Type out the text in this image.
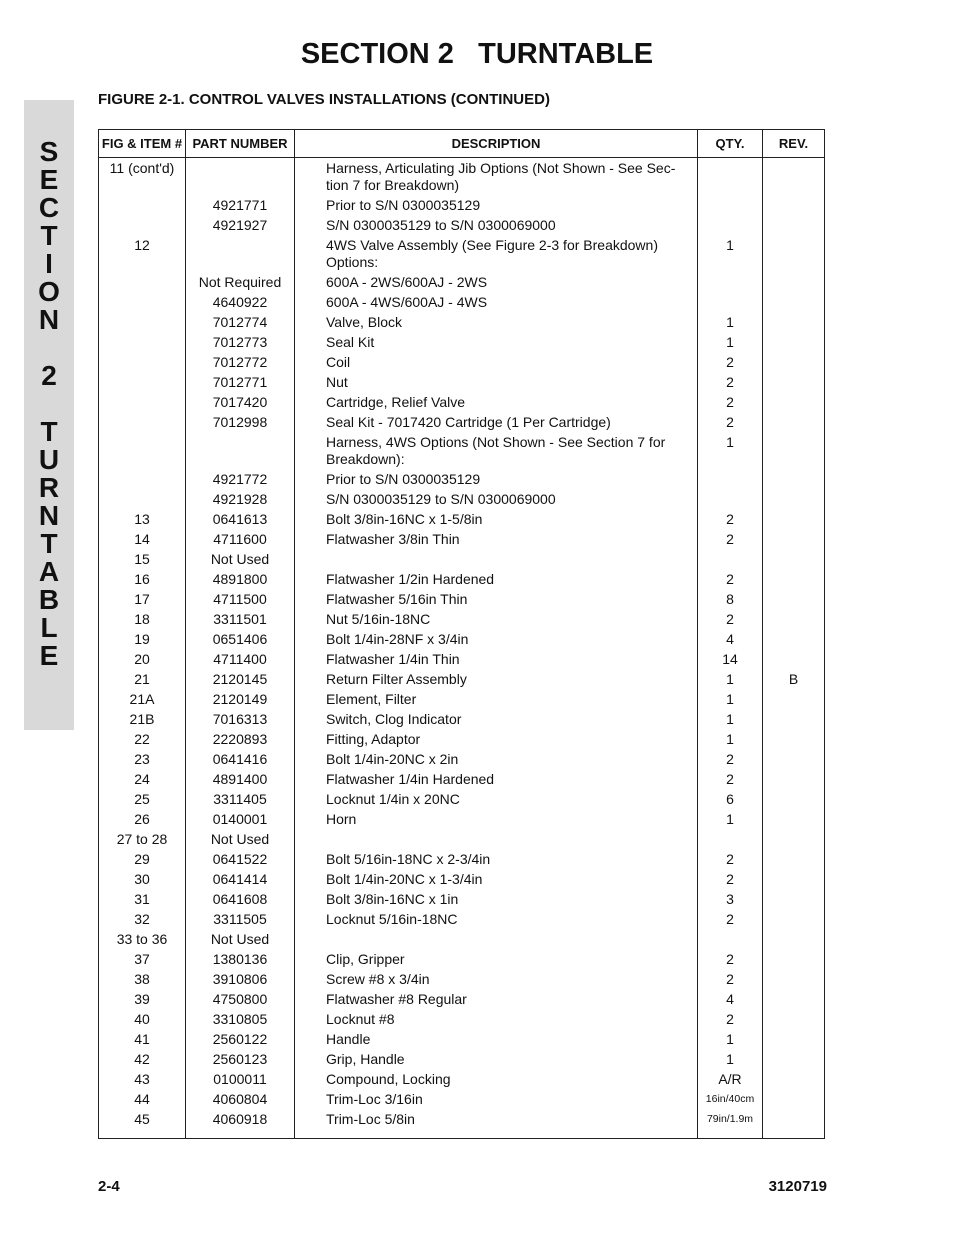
S
E
C
T
I
O
N

2

T
U
R
N
T
A
B
L
E
SECTION 2   TURNTABLE
FIGURE 2-1. CONTROL VALVES INSTALLATIONS (CONTINUED)
FIG & ITEM #	PART NUMBER	DESCRIPTION	QTY.	REV.
11 (cont'd)		Harness, Articulating Jib Options (Not Shown - See Sec-tion 7 for Breakdown)		
	4921771	Prior to S/N 0300035129		
	4921927	S/N 0300035129 to S/N 0300069000		
12		4WS Valve Assembly (See Figure 2-3 for Breakdown) Options:	1	
	Not Required	600A - 2WS/600AJ - 2WS		
	4640922	600A - 4WS/600AJ - 4WS		
	7012774	Valve, Block	1	
	7012773	Seal Kit	1	
	7012772	Coil	2	
	7012771	Nut	2	
	7017420	Cartridge, Relief Valve	2	
	7012998	Seal Kit - 7017420 Cartridge (1 Per Cartridge)	2	
		Harness, 4WS Options (Not Shown - See Section 7 for Breakdown):	1	
	4921772	Prior to S/N 0300035129		
	4921928	S/N 0300035129 to S/N 0300069000		
13	0641613	Bolt 3/8in-16NC x 1-5/8in	2	
14	4711600	Flatwasher 3/8in Thin	2	
15	Not Used			
16	4891800	Flatwasher 1/2in Hardened	2	
17	4711500	Flatwasher 5/16in Thin	8	
18	3311501	Nut 5/16in-18NC	2	
19	0651406	Bolt 1/4in-28NF x 3/4in	4	
20	4711400	Flatwasher 1/4in Thin	14	
21	2120145	Return Filter Assembly	1	B
21A	2120149	Element, Filter	1	
21B	7016313	Switch, Clog Indicator	1	
22	2220893	Fitting, Adaptor	1	
23	0641416	Bolt 1/4in-20NC x 2in	2	
24	4891400	Flatwasher 1/4in Hardened	2	
25	3311405	Locknut 1/4in x 20NC	6	
26	0140001	Horn	1	
27 to 28	Not Used			
29	0641522	Bolt 5/16in-18NC x 2-3/4in	2	
30	0641414	Bolt 1/4in-20NC x 1-3/4in	2	
31	0641608	Bolt 3/8in-16NC x 1in	3	
32	3311505	Locknut 5/16in-18NC	2	
33 to 36	Not Used			
37	1380136	Clip, Gripper	2	
38	3910806	Screw #8 x 3/4in	2	
39	4750800	Flatwasher #8 Regular	4	
40	3310805	Locknut #8	2	
41	2560122	Handle	1	
42	2560123	Grip, Handle	1	
43	0100011	Compound, Locking	A/R	
44	4060804	Trim-Loc 3/16in	16in/40cm	
45	4060918	Trim-Loc 5/8in	79in/1.9m	
2-4	3120719
